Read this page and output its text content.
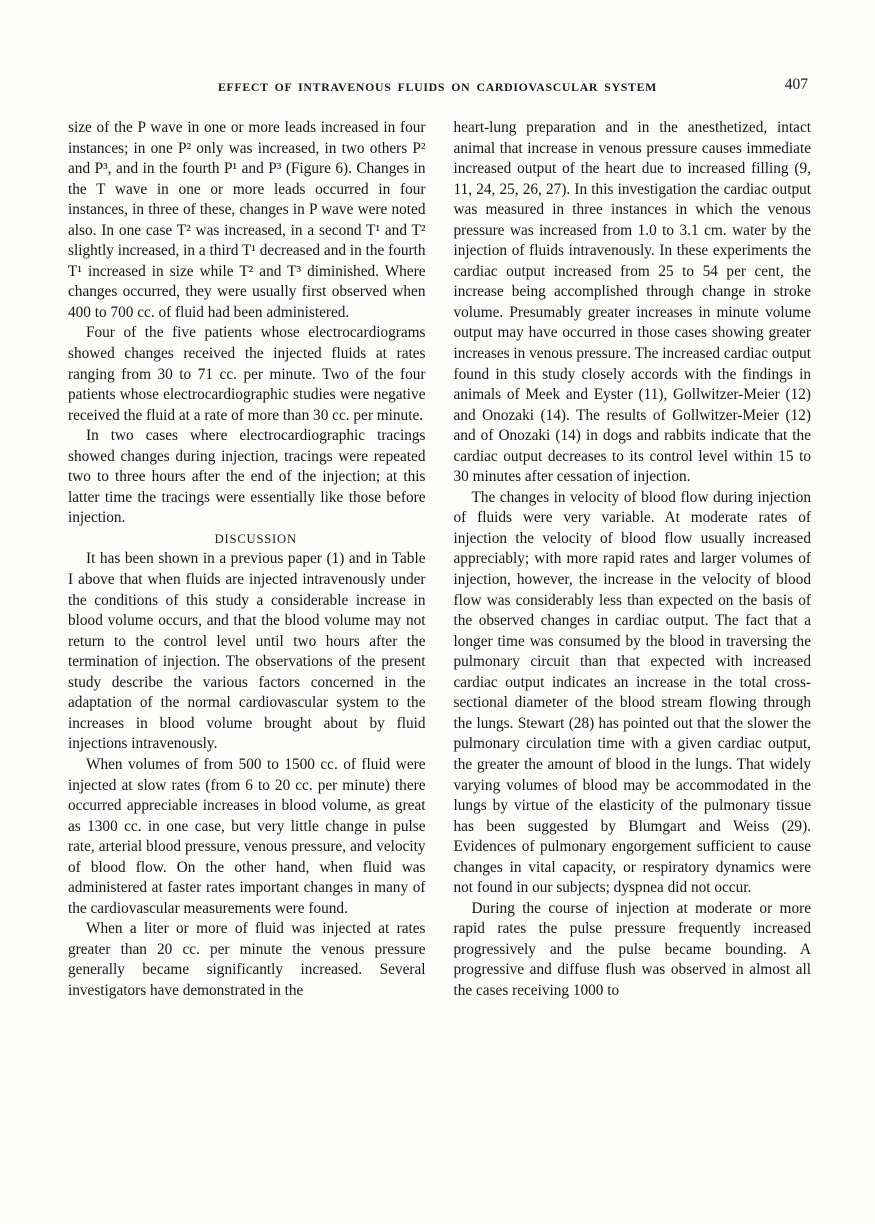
EFFECT OF INTRAVENOUS FLUIDS ON CARDIOVASCULAR SYSTEM	407

size of the P wave in one or more leads increased in four instances; in one P² only was increased, in two others P² and P³, and in the fourth P¹ and P³ (Figure 6). Changes in the T wave in one or more leads occurred in four instances, in three of these, changes in P wave were noted also. In one case T² was increased, in a second T¹ and T² slightly increased, in a third T¹ decreased and in the fourth T¹ increased in size while T² and T³ diminished. Where changes occurred, they were usually first observed when 400 to 700 cc. of fluid had been administered.

Four of the five patients whose electrocardiograms showed changes received the injected fluids at rates ranging from 30 to 71 cc. per minute. Two of the four patients whose electrocardiographic studies were negative received the fluid at a rate of more than 30 cc. per minute.

In two cases where electrocardiographic tracings showed changes during injection, tracings were repeated two to three hours after the end of the injection; at this latter time the tracings were essentially like those before injection.

DISCUSSION

It has been shown in a previous paper (1) and in Table I above that when fluids are injected intravenously under the conditions of this study a considerable increase in blood volume occurs, and that the blood volume may not return to the control level until two hours after the termination of injection. The observations of the present study describe the various factors concerned in the adaptation of the normal cardiovascular system to the increases in blood volume brought about by fluid injections intravenously.

When volumes of from 500 to 1500 cc. of fluid were injected at slow rates (from 6 to 20 cc. per minute) there occurred appreciable increases in blood volume, as great as 1300 cc. in one case, but very little change in pulse rate, arterial blood pressure, venous pressure, and velocity of blood flow. On the other hand, when fluid was administered at faster rates important changes in many of the cardiovascular measurements were found.

When a liter or more of fluid was injected at rates greater than 20 cc. per minute the venous pressure generally became significantly increased. Several investigators have demonstrated in the

heart-lung preparation and in the anesthetized, intact animal that increase in venous pressure causes immediate increased output of the heart due to increased filling (9, 11, 24, 25, 26, 27). In this investigation the cardiac output was measured in three instances in which the venous pressure was increased from 1.0 to 3.1 cm. water by the injection of fluids intravenously. In these experiments the cardiac output increased from 25 to 54 per cent, the increase being accomplished through change in stroke volume. Presumably greater increases in minute volume output may have occurred in those cases showing greater increases in venous pressure. The increased cardiac output found in this study closely accords with the findings in animals of Meek and Eyster (11), Gollwitzer-Meier (12) and Onozaki (14). The results of Gollwitzer-Meier (12) and of Onozaki (14) in dogs and rabbits indicate that the cardiac output decreases to its control level within 15 to 30 minutes after cessation of injection.

The changes in velocity of blood flow during injection of fluids were very variable. At moderate rates of injection the velocity of blood flow usually increased appreciably; with more rapid rates and larger volumes of injection, however, the increase in the velocity of blood flow was considerably less than expected on the basis of the observed changes in cardiac output. The fact that a longer time was consumed by the blood in traversing the pulmonary circuit than that expected with increased cardiac output indicates an increase in the total cross-sectional diameter of the blood stream flowing through the lungs. Stewart (28) has pointed out that the slower the pulmonary circulation time with a given cardiac output, the greater the amount of blood in the lungs. That widely varying volumes of blood may be accommodated in the lungs by virtue of the elasticity of the pulmonary tissue has been suggested by Blumgart and Weiss (29). Evidences of pulmonary engorgement sufficient to cause changes in vital capacity, or respiratory dynamics were not found in our subjects; dyspnea did not occur.

During the course of injection at moderate or more rapid rates the pulse pressure frequently increased progressively and the pulse became bounding. A progressive and diffuse flush was observed in almost all the cases receiving 1000 to
